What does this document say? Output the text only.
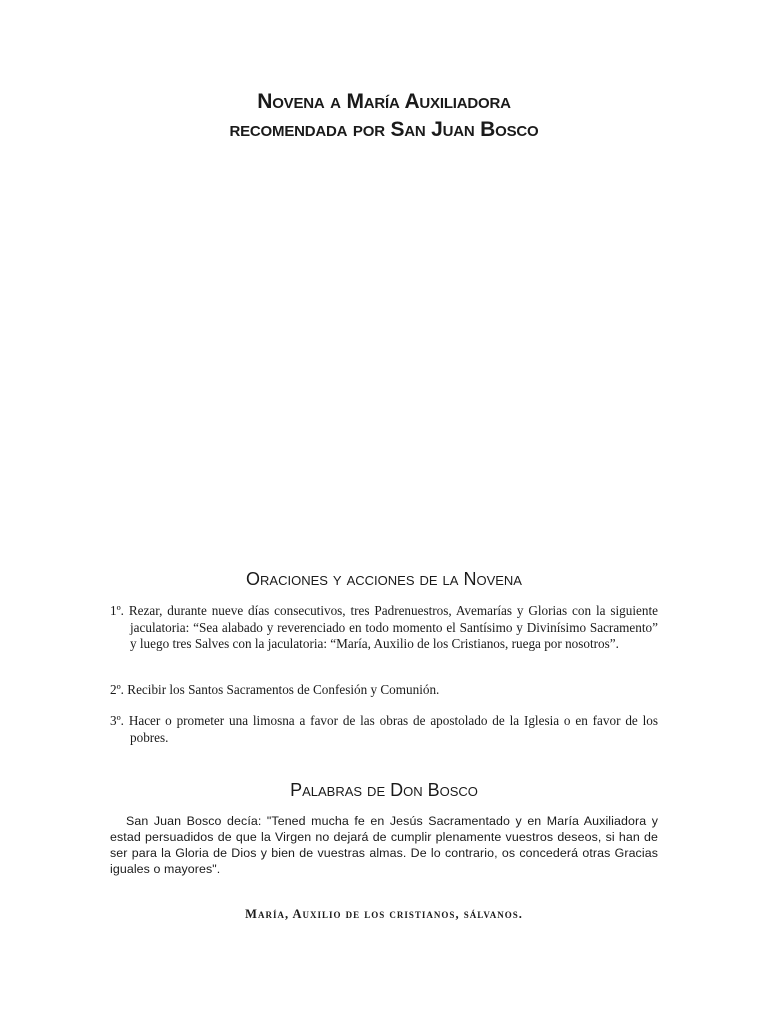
Novena a María Auxiliadora
recomendada por San Juan Bosco
Oraciones y acciones de la Novena

1º. Rezar, durante nueve días consecutivos, tres Padrenuestros, Avemarías y Glorias con la siguiente jaculatoria: “Sea alabado y reverenciado en todo momento el Santísimo y Divinísimo Sacramento” y luego tres Salves con la jaculatoria: “María, Auxilio de los Cristianos, ruega por nosotros”.

2º. Recibir los Santos Sacramentos de Confesión y Comunión.

3º. Hacer o prometer una limosna a favor de las obras de apostolado de la Iglesia o en favor de los pobres.

Palabras de Don Bosco

San Juan Bosco decía: "Tened mucha fe en Jesús Sacramentado y en María Auxiliadora y estad persuadidos de que la Virgen no dejará de cumplir plenamente vuestros deseos, si han de ser para la Gloria de Dios y bien de vuestras almas. De lo contrario, os concederá otras Gracias iguales o mayores".

María, Auxilio de los cristianos, sálvanos.
